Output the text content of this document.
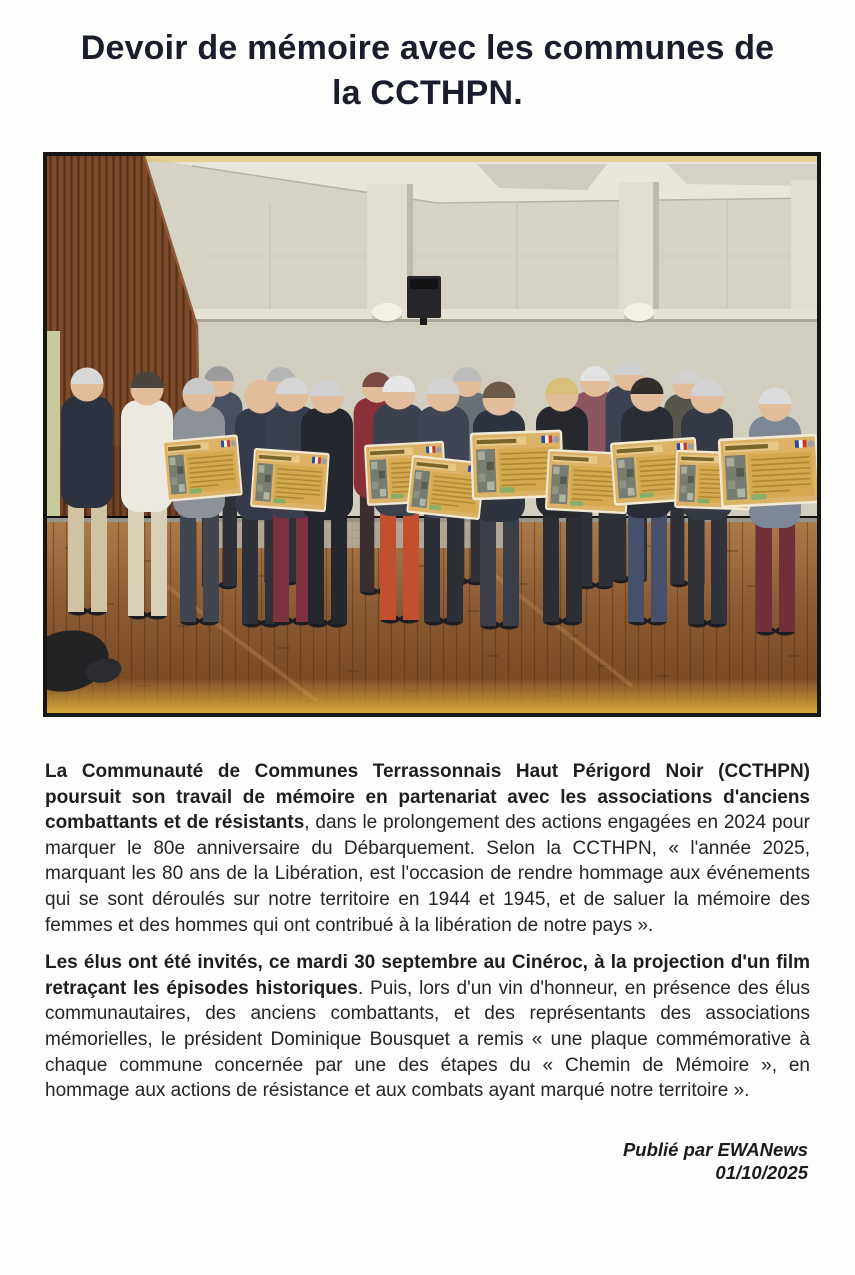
Devoir de mémoire avec les communes de la CCTHPN.

La Communauté de Communes Terrassonnais Haut Périgord Noir (CCTHPN) poursuit son travail de mémoire en partenariat avec les associations d'anciens combattants et de résistants, dans le prolongement des actions engagées en 2024 pour marquer le 80e anniversaire du Débarquement. Selon la CCTHPN, « l'année 2025, marquant les 80 ans de la Libération, est l'occasion de rendre hommage aux événements qui se sont déroulés sur notre territoire en 1944 et 1945, et de saluer la mémoire des femmes et des hommes qui ont contribué à la libération de notre pays ».

Les élus ont été invités, ce mardi 30 septembre au Cinéroc, à la projection d'un film retraçant les épisodes historiques. Puis, lors d'un vin d'honneur, en présence des élus communautaires, des anciens combattants, et des représentants des associations mémorielles, le président Dominique Bousquet a remis « une plaque commémorative à chaque commune concernée par une des étapes du « Chemin de Mémoire », en hommage aux actions de résistance et aux combats ayant marqué notre territoire ».

Publié par EWANews
01/10/2025
